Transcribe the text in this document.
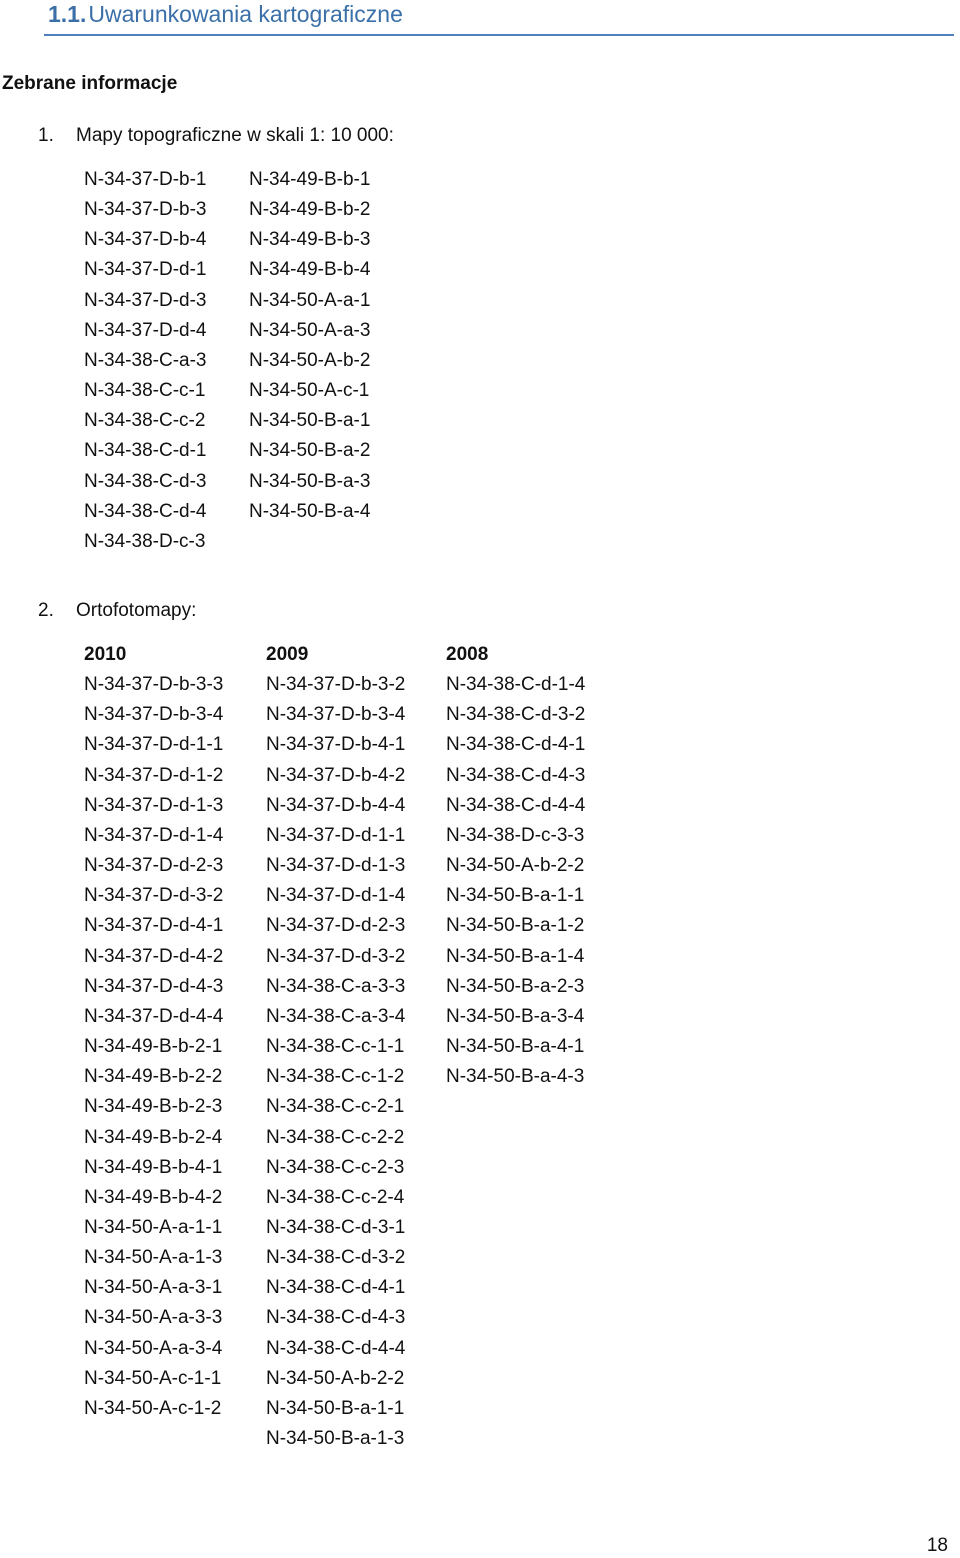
1.1.Uwarunkowania kartograficzne
Zebrane informacje
1. Mapy topograficzne w skali 1: 10 000:
N-34-37-D-b-1
N-34-37-D-b-3
N-34-37-D-b-4
N-34-37-D-d-1
N-34-37-D-d-3
N-34-37-D-d-4
N-34-38-C-a-3
N-34-38-C-c-1
N-34-38-C-c-2
N-34-38-C-d-1
N-34-38-C-d-3
N-34-38-C-d-4
N-34-38-D-c-3
N-34-49-B-b-1
N-34-49-B-b-2
N-34-49-B-b-3
N-34-49-B-b-4
N-34-50-A-a-1
N-34-50-A-a-3
N-34-50-A-b-2
N-34-50-A-c-1
N-34-50-B-a-1
N-34-50-B-a-2
N-34-50-B-a-3
N-34-50-B-a-4
2. Ortofotomapy:
2010
N-34-37-D-b-3-3
N-34-37-D-b-3-4
N-34-37-D-d-1-1
N-34-37-D-d-1-2
N-34-37-D-d-1-3
N-34-37-D-d-1-4
N-34-37-D-d-2-3
N-34-37-D-d-3-2
N-34-37-D-d-4-1
N-34-37-D-d-4-2
N-34-37-D-d-4-3
N-34-37-D-d-4-4
N-34-49-B-b-2-1
N-34-49-B-b-2-2
N-34-49-B-b-2-3
N-34-49-B-b-2-4
N-34-49-B-b-4-1
N-34-49-B-b-4-2
N-34-50-A-a-1-1
N-34-50-A-a-1-3
N-34-50-A-a-3-1
N-34-50-A-a-3-3
N-34-50-A-a-3-4
N-34-50-A-c-1-1
N-34-50-A-c-1-2
2009
N-34-37-D-b-3-2
N-34-37-D-b-3-4
N-34-37-D-b-4-1
N-34-37-D-b-4-2
N-34-37-D-b-4-4
N-34-37-D-d-1-1
N-34-37-D-d-1-3
N-34-37-D-d-1-4
N-34-37-D-d-2-3
N-34-37-D-d-3-2
N-34-38-C-a-3-3
N-34-38-C-a-3-4
N-34-38-C-c-1-1
N-34-38-C-c-1-2
N-34-38-C-c-2-1
N-34-38-C-c-2-2
N-34-38-C-c-2-3
N-34-38-C-c-2-4
N-34-38-C-d-3-1
N-34-38-C-d-3-2
N-34-38-C-d-4-1
N-34-38-C-d-4-3
N-34-38-C-d-4-4
N-34-50-A-b-2-2
N-34-50-B-a-1-1
N-34-50-B-a-1-3
2008
N-34-38-C-d-1-4
N-34-38-C-d-3-2
N-34-38-C-d-4-1
N-34-38-C-d-4-3
N-34-38-C-d-4-4
N-34-38-D-c-3-3
N-34-50-A-b-2-2
N-34-50-B-a-1-1
N-34-50-B-a-1-2
N-34-50-B-a-1-4
N-34-50-B-a-2-3
N-34-50-B-a-3-4
N-34-50-B-a-4-1
N-34-50-B-a-4-3
18
